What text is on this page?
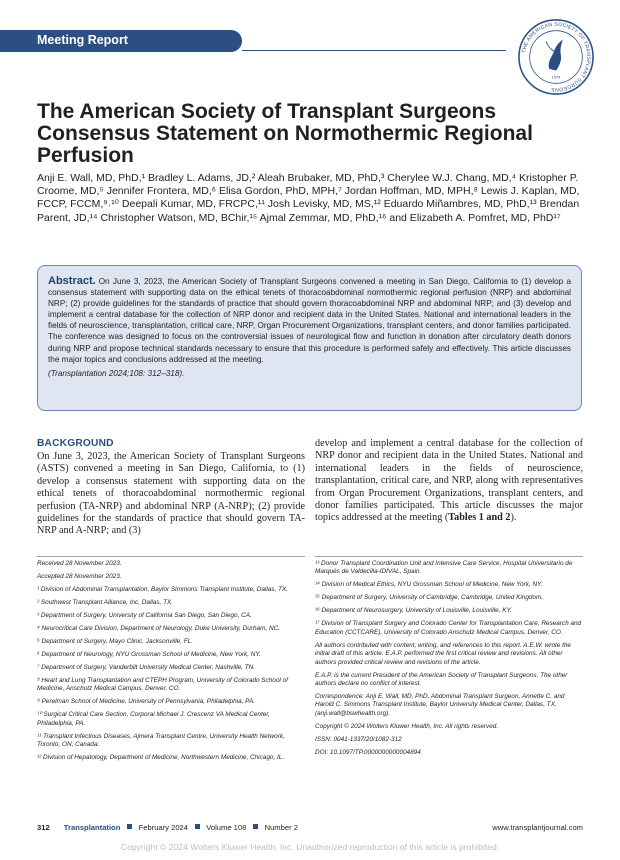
Meeting Report
THE AMERICAN SOCIETY OF TRANSPLANT SURGEONS
1974
The American Society of Transplant Surgeons Consensus Statement on Normothermic Regional Perfusion

Anji E. Wall, MD, PhD,¹ Bradley L. Adams, JD,² Aleah Brubaker, MD, PhD,³ Cherylee W.J. Chang, MD,⁴ Kristopher P. Croome, MD,⁵ Jennifer Frontera, MD,⁶ Elisa Gordon, PhD, MPH,⁷ Jordan Hoffman, MD, MPH,⁸ Lewis J. Kaplan, MD, FCCP, FCCM,⁹˒¹⁰ Deepali Kumar, MD, FRCPC,¹¹ Josh Levisky, MD, MS,¹² Eduardo Miñambres, MD, PhD,¹³ Brendan Parent, JD,¹⁴ Christopher Watson, MD, BChir,¹⁵ Ajmal Zemmar, MD, PhD,¹⁶ and Elizabeth A. Pomfret, MD, PhD¹⁷

Abstract. On June 3, 2023, the American Society of Transplant Surgeons convened a meeting in San Diego, California to (1) develop a consensus statement with supporting data on the ethical tenets of thoracoabdominal normothermic regional perfusion (NRP) and abdominal NRP; (2) provide guidelines for the standards of practice that should govern thoracoabdominal NRP and abdominal NRP; and (3) develop and implement a central database for the collection of NRP donor and recipient data in the United States. National and international leaders in the fields of neuroscience, transplantation, critical care, NRP, Organ Procurement Organizations, transplant centers, and donor families participated. The conference was designed to focus on the controversial issues of neurological flow and function in donation after circulatory death donors during NRP and propose technical standards necessary to ensure that this procedure is performed safely and effectively. This article discusses the major topics and conclusions addressed at the meeting.

(Transplantation 2024;108: 312–318).

BACKGROUND

On June 3, 2023, the American Society of Transplant Surgeons (ASTS) convened a meeting in San Diego, California, to (1) develop a consensus statement with supporting data on the ethical tenets of thoracoabdominal normothermic regional perfusion (TA-NRP) and abdominal NRP (A-NRP); (2) provide guidelines for the standards of practice that should govern TA-NRP and A-NRP; and (3)

develop and implement a central database for the collection of NRP donor and recipient data in the United States. National and international leaders in the fields of neuroscience, transplantation, critical care, and NRP, along with representatives from Organ Procurement Organizations, transplant centers, and donor families participated. This article discusses the major topics addressed at the meeting (Tables 1 and 2).

Received 28 November 2023.

Accepted 28 November 2023.

¹ Division of Abdominal Transplantation, Baylor Simmons Transplant Institute, Dallas, TX.

² Southwest Transplant Alliance, Inc, Dallas, TX.

³ Department of Surgery, University of California San Diego, San Diego, CA.

⁴ Neurocritical Care Division, Department of Neurology, Duke University, Durham, NC.

⁵ Department of Surgery, Mayo Clinic, Jacksonville, FL.

⁶ Department of Neurology, NYU Grossman School of Medicine, New York, NY.

⁷ Department of Surgery, Vanderbilt University Medical Center, Nashville, TN.

⁸ Heart and Lung Transplantation and CTEPH Program, University of Colorado School of Medicine, Anschutz Medical Campus, Denver, CO.

⁹ Perelman School of Medicine, University of Pennsylvania, Philadelphia, PA.

¹⁰ Surgical Critical Care Section, Corporal Michael J. Crescenz VA Medical Center, Philadelphia, PA.

¹¹ Transplant Infectious Diseases, Ajmera Transplant Centre, University Health Network, Toronto, ON, Canada.

¹² Division of Hepatology, Department of Medicine, Northwestern Medicine, Chicago, IL.

¹³ Donor Transplant Coordination Unit and Intensive Care Service, Hospital Universitario de Marqués de Valdecilla-IDIVAL, Spain.

¹⁴ Division of Medical Ethics, NYU Grossman School of Medicine, New York, NY.

¹⁵ Department of Surgery, University of Cambridge, Cambridge, United Kingdom.

¹⁶ Department of Neurosurgery, University of Louisville, Louisville, KY.

¹⁷ Division of Transplant Surgery and Colorado Center for Transplantation Care, Research and Education (CCTCARE), University of Colorado Anschutz Medical Campus, Denver, CO.

All authors contributed with content, writing, and references to this report. A.E.W. wrote the initial draft of this article. E.A.P. performed the first critical review and revisions. All other authors provided critical review and revisions of the article.

E.A.P. is the current President of the American Society of Transplant Surgeons. The other authors declare no conflict of interest.

Correspondence: Anji E. Wall, MD, PhD, Abdominal Transplant Surgeon, Annette C. and Harold C. Simmons Transplant Institute, Baylor University Medical Center, Dallas, TX. (anji.wall@bswhealth.org).

Copyright © 2024 Wolters Kluwer Health, Inc. All rights reserved.

ISSN: 0041-1337/20/1082-312

DOI: 10.1097/TP.0000000000004894

312 Transplantation February 2024 Volume 108 Number 2	www.transplantjournal.com
Copyright © 2024 Wolters Kluwer Health, Inc. Unauthorized reproduction of this article is prohibited.
